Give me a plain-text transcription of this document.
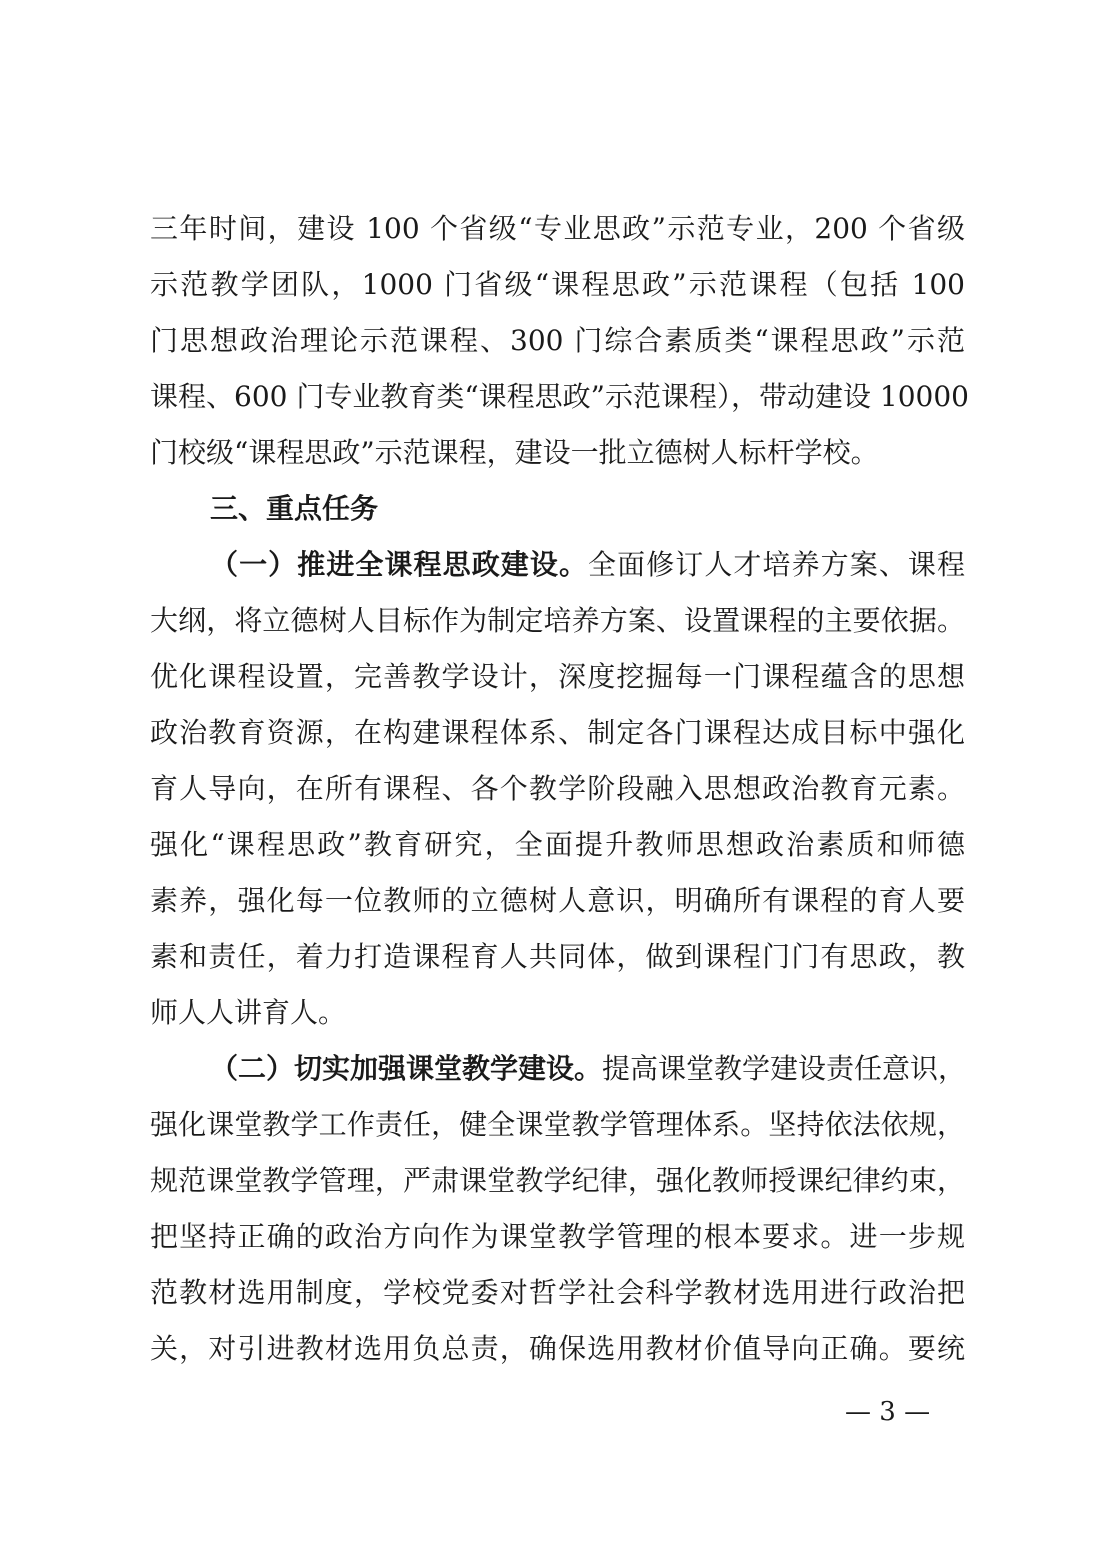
三年时间，建设 100 个省级“专业思政”示范专业，200 个省级
示范教学团队，1000 门省级“课程思政”示范课程（包括 100
门思想政治理论示范课程、300 门综合素质类“课程思政”示范
课程、600 门专业教育类“课程思政”示范课程），带动建设 10000
门校级“课程思政”示范课程，建设一批立德树人标杆学校。
三、重点任务
（一）推进全课程思政建设。全面修订人才培养方案、课程
大纲，将立德树人目标作为制定培养方案、设置课程的主要依据。
优化课程设置，完善教学设计，深度挖掘每一门课程蕴含的思想
政治教育资源，在构建课程体系、制定各门课程达成目标中强化
育人导向，在所有课程、各个教学阶段融入思想政治教育元素。
强化“课程思政”教育研究，全面提升教师思想政治素质和师德
素养，强化每一位教师的立德树人意识，明确所有课程的育人要
素和责任，着力打造课程育人共同体，做到课程门门有思政，教
师人人讲育人。
（二）切实加强课堂教学建设。提高课堂教学建设责任意识，
强化课堂教学工作责任，健全课堂教学管理体系。坚持依法依规，
规范课堂教学管理，严肃课堂教学纪律，强化教师授课纪律约束，
把坚持正确的政治方向作为课堂教学管理的根本要求。进一步规
范教材选用制度，学校党委对哲学社会科学教材选用进行政治把
关，对引进教材选用负总责，确保选用教材价值导向正确。要统
— 3 —
